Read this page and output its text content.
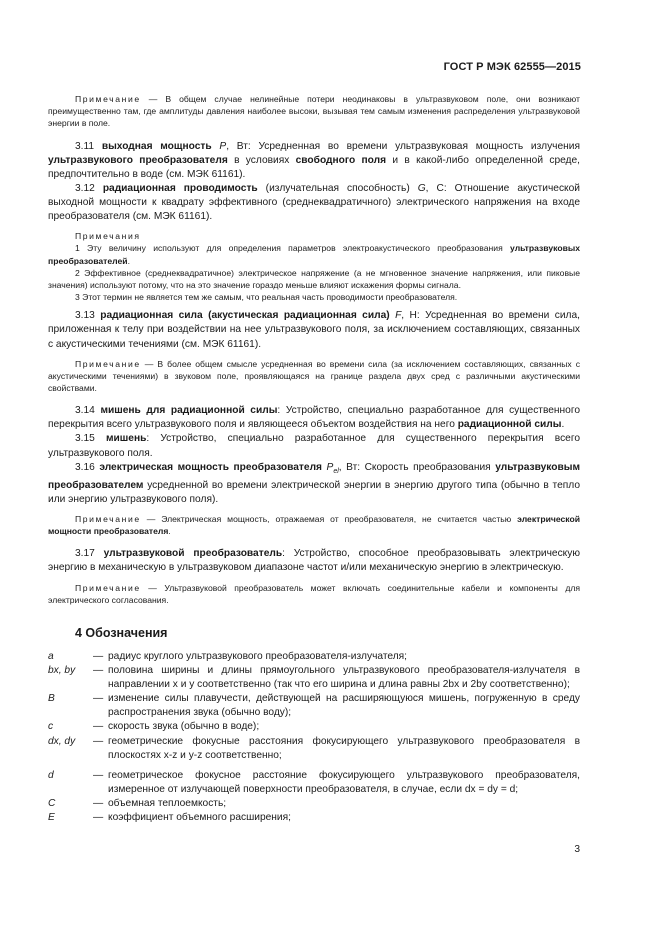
ГОСТ Р МЭК 62555—2015

Примечание — В общем случае нелинейные потери неодинаковы в ультразвуковом поле, они возникают преимущественно там, где амплитуды давления наиболее высоки, вызывая тем самым изменения распределения ультразвуковой энергии в поле.

3.11 выходная мощность P, Вт: Усредненная во времени ультразвуковая мощность излучения ультразвукового преобразователя в условиях свободного поля и в какой-либо определенной среде, предпочтительно в воде (см. МЭК 61161).

3.12 радиационная проводимость (излучательная способность) G, С: Отношение акустической выходной мощности к квадрату эффективного (среднеквадратичного) электрического напряжения на входе преобразователя (см. МЭК 61161).

Примечания

1 Эту величину используют для определения параметров электроакустического преобразования ультразвуковых преобразователей.

2 Эффективное (среднеквадратичное) электрическое напряжение (а не мгновенное значение напряжения, или пиковые значения) используют потому, что на это значение гораздо меньше влияют искажения формы сигнала.

3 Этот термин не является тем же самым, что реальная часть проводимости преобразователя.

3.13 радиационная сила (акустическая радиационная сила) F, Н: Усредненная во времени сила, приложенная к телу при воздействии на нее ультразвукового поля, за исключением составляющих, связанных с акустическими течениями (см. МЭК 61161).

Примечание — В более общем смысле усредненная во времени сила (за исключением составляющих, связанных с акустическими течениями) в звуковом поле, проявляющаяся на границе раздела двух сред с различными акустическими свойствами.

3.14 мишень для радиационной силы: Устройство, специально разработанное для существенного перекрытия всего ультразвукового поля и являющееся объектом воздействия на него радиационной силы.

3.15 мишень: Устройство, специально разработанное для существенного перекрытия всего ультразвукового поля.

3.16 электрическая мощность преобразователя $P_{el}$, Вт: Скорость преобразования ультразвуковым преобразователем усредненной во времени электрической энергии в энергию другого типа (обычно в тепло или энергию ультразвукового поля).

Примечание — Электрическая мощность, отражаемая от преобразователя, не считается частью электрической мощности преобразователя.

3.17 ультразвуковой преобразователь: Устройство, способное преобразовывать электрическую энергию в механическую в ультразвуковом диапазоне частот и/или механическую энергию в электрическую.

Примечание — Ультразвуковой преобразователь может включать соединительные кабели и компоненты для электрического согласования.

4 Обозначения

a	— радиус круглого ультразвукового преобразователя-излучателя;
bx, by	— половина ширины и длины прямоугольного ультразвукового преобразователя-излучателя в направлении x и y соответственно (так что его ширина и длина равны 2bx и 2by соответственно);
B	— изменение силы плавучести, действующей на расширяющуюся мишень, погруженную в среду распространения звука (обычно воду);
c	— скорость звука (обычно в воде);
dx, dy	— геометрические фокусные расстояния фокусирующего ультразвукового преобразователя в плоскостях x-z и y-z соответственно;
d	— геометрическое фокусное расстояние фокусирующего ультразвукового преобразователя, измеренное от излучающей поверхности преобразователя, в случае, если dx = dy = d;
C	— объемная теплоемкость;
E	— коэффициент объемного расширения;
3
